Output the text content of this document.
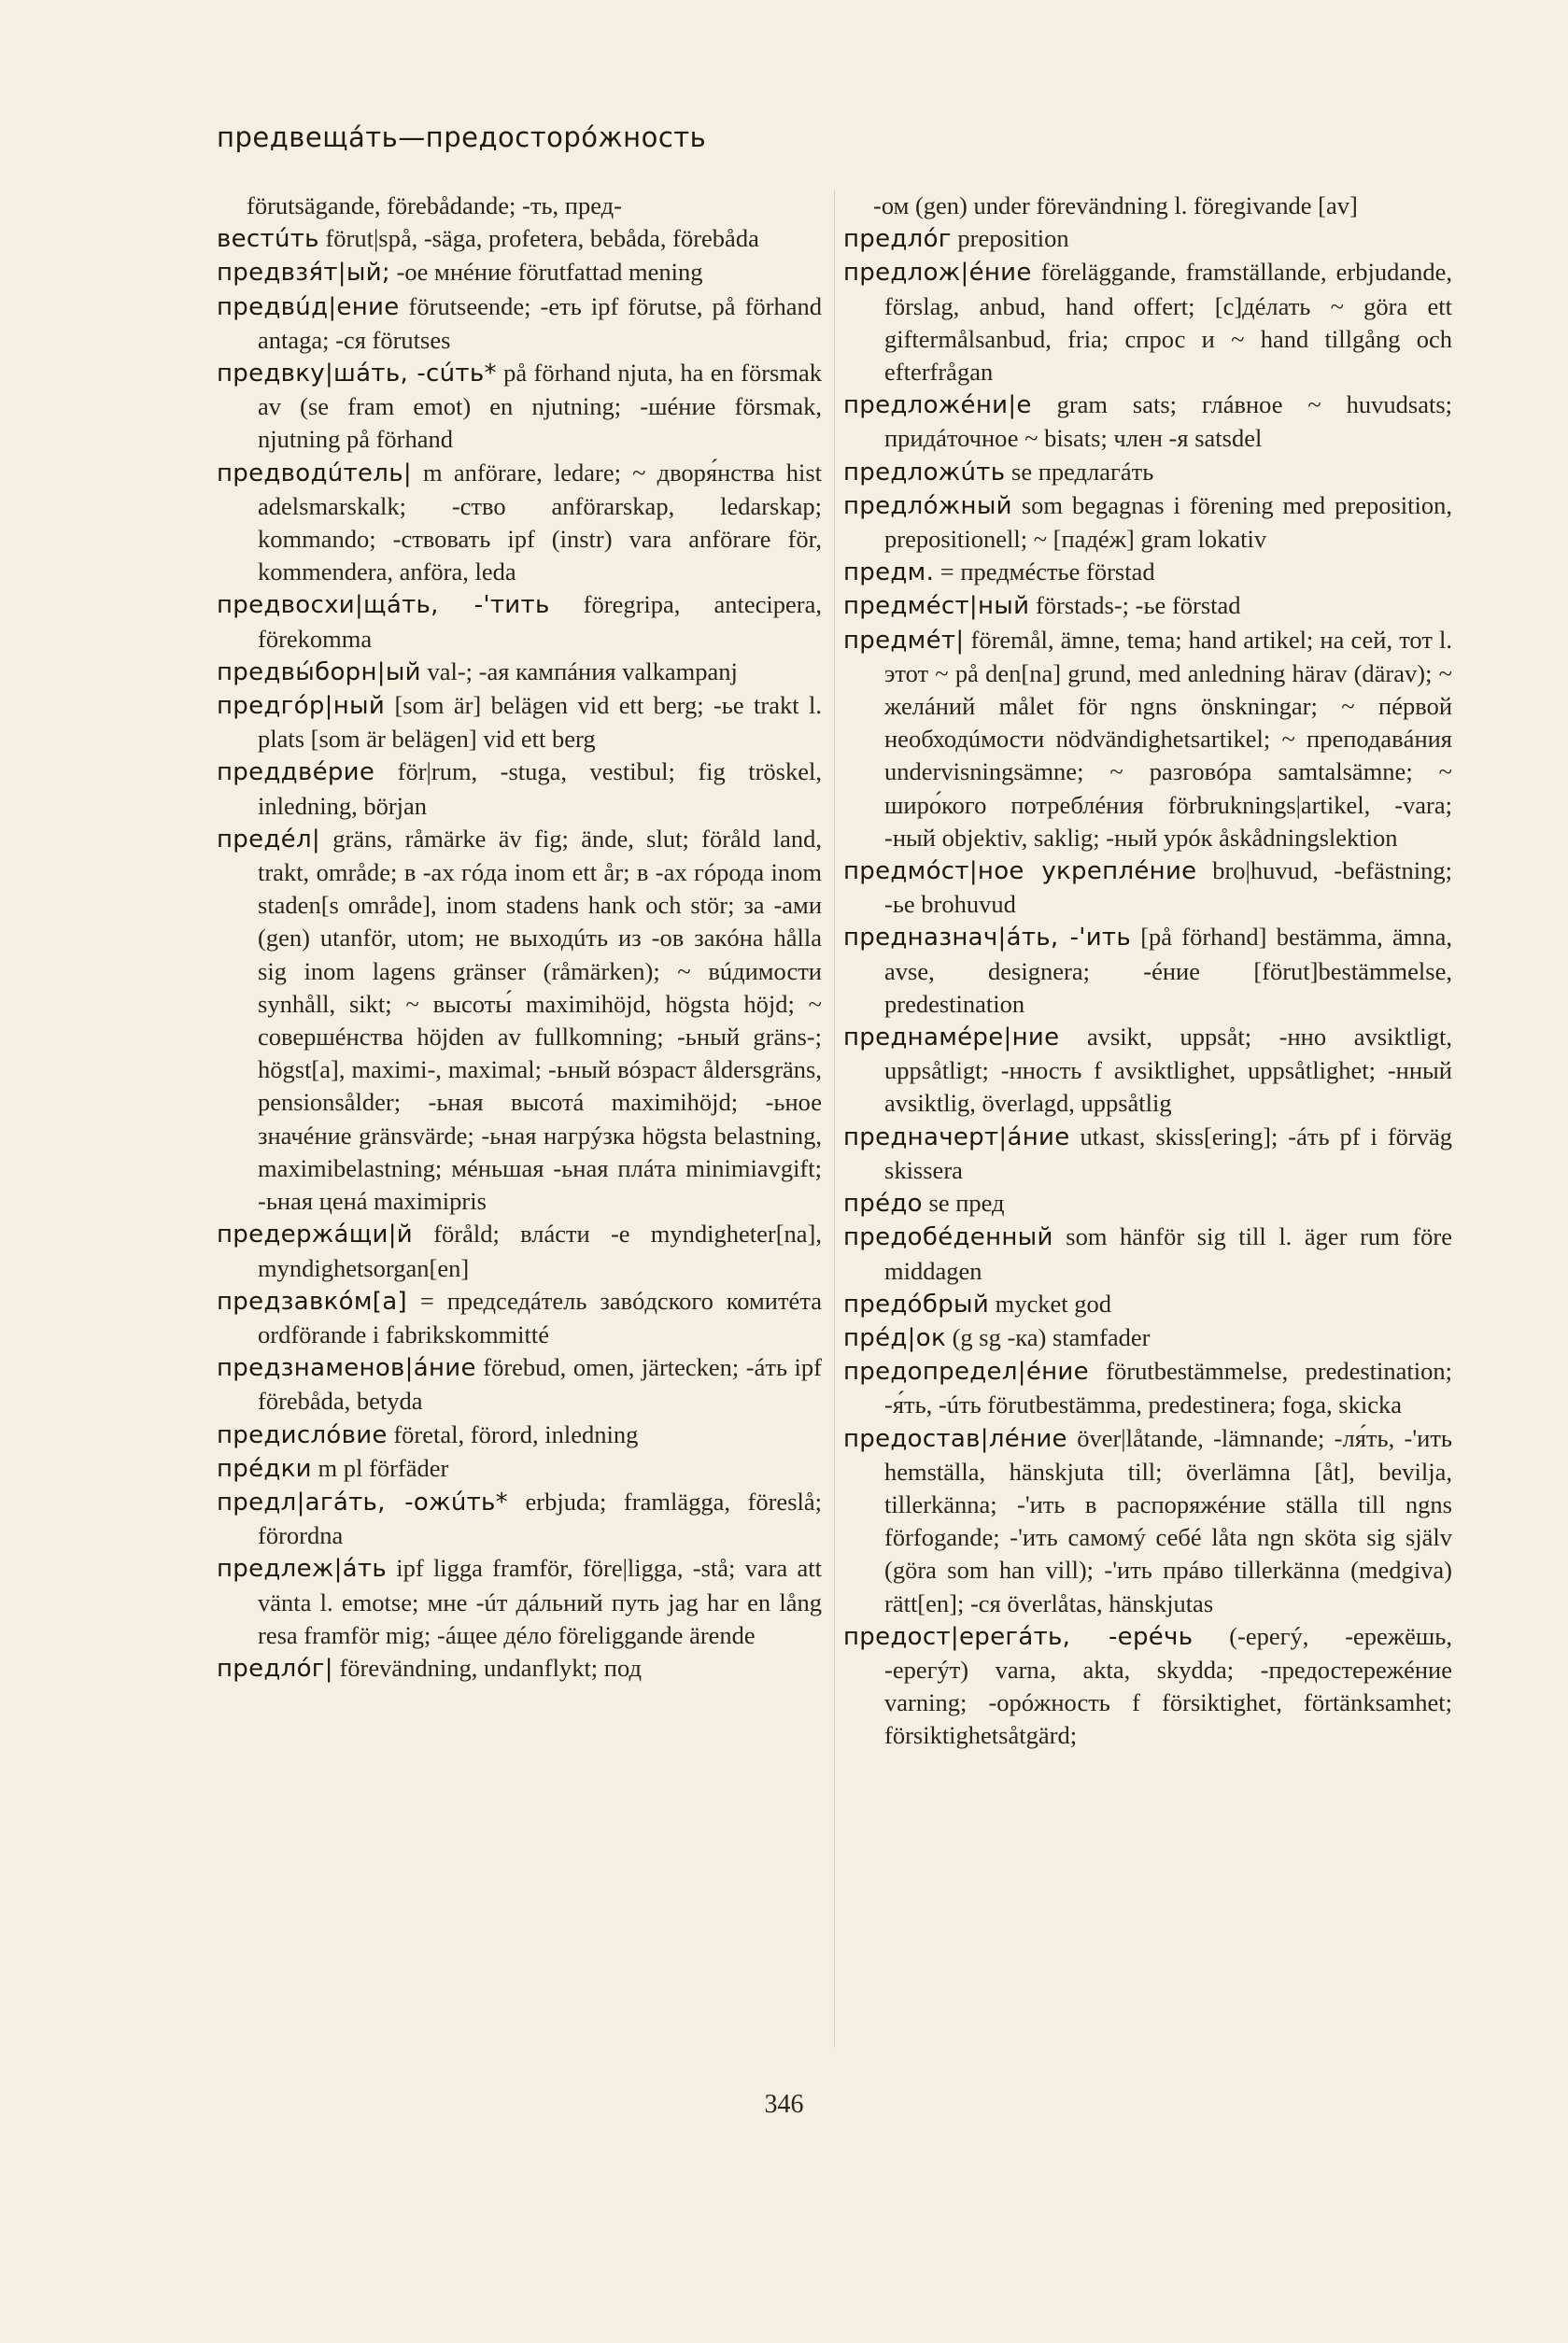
предвещáть—предосторóжность
förutsägande, förebådande; -ть, пред-
вестúть förut|spå, -säga, profetera, bebåda, förebåda
предвзя́т|ый; -oe мнéние förutfattad mening
предвúд|ение förutseende; -еть ipf förutse, på förhand antaga; -ся förutses
предвку|шáть, -сúть* på förhand njuta, ha en försmak av (se fram emot) en njutning; -шéние försmak, njutning på förhand
предводúтель| m anförare, ledare; ~ дворя́нства hist adelsmarskalk; -ство anförarskap, ledarskap; kommando; -ствовать ipf (instr) vara anförare för, kommendera, anföra, leda
предвосхи|щáть, -'тить föregripa, antecipera, förekomma
предвы́борн|ый val-; -ая кампáния valkampanj
предгóр|ный [som är] belägen vid ett berg; -ье trakt l. plats [som är belägen] vid ett berg
преддвéрие för|rum, -stuga, vestibul; fig tröskel, inledning, början
предéл| gräns, råmärke äv fig; ände, slut; föråld land, trakt, område; в -ах гóда inom ett år; в -ах гóрода inom staden[s område], inom stadens hank och stör; за -ами (gen) utanför, utom; не выходúть из -ов закóна hålla sig inom lagens gränser (råmärken); ~ вúдимости synhåll, sikt; ~ высоты́ maximihöjd, högsta höjd; ~ совершéнства höjden av fullkomning; -ьный gräns-; högst[a], maximi-, maximal; -ьный вóзраст åldersgräns, pensionsålder; -ьная высотá maximihöjd; -ьное значéние gränsvärde; -ьная нагрýзка högsta belastning, maximibelastning; мéньшая -ьная плáта minimiavgift; -ьная ценá maximipris
предержáщи|й föråld; влáсти -е myndigheter[na], myndighetsorgan[en]
предзавкóм[а] = председáтель завóдского комитéта ordförande i fabrikskommitté
предзнаменов|áние förebud, omen, järtecken; -áть ipf förebåda, betyda
предисло́вие företal, förord, inledning
пре́дки m pl förfäder
предл|агáть, -ожúть* erbjuda; framlägga, föreslå; förordna
предлеж|áть ipf ligga framför, före|ligga, -stå; vara att vänta l. emotse; мне -úт дáльний путь jag har en lång resa framför mig; -áщее дéло föreliggande ärende
предлóг| förevändning, undanflykt; под
-ом (gen) under förevändning l. föregivande [av]
предлóг preposition
предлож|éние föreläggande, framställande, erbjudande, förslag, anbud, hand offert; [с]дéлать ~ göra ett giftermålsanbud, fria; спрос и ~ hand tillgång och efterfrågan
предложéни|е gram sats; глáвное ~ huvudsats; придáточное ~ bisats; член -я satsdel
предложúть se предлагáть
предлóжный som begagnas i förening med preposition, prepositionell; ~ [падéж] gram lokativ
предм. = предмéстье förstad
предмéст|ный förstads-; -ье förstad
предмéт| föremål, ämne, tema; hand artikel; на сей, тот l. этот ~ på den[na] grund, med anledning härav (därav); ~ желáний målet för ngns önskningar; ~ пéрвой необходúмости nödvändighetsartikel; ~ преподавáния undervisningsämne; ~ разговóра samtalsämne; ~ широ́кого потреблéния förbruknings|artikel, -vara; -ный objektiv, saklig; -ный урóк åskådningslektion
предмóст|ное укреплéние bro|huvud, -befästning; -ье brohuvud
предназнач|áть, -'ить [på förhand] bestämma, ämna, avse, designera; -éние [förut]bestämmelse, predestination
преднамéре|ние avsikt, uppsåt; -нно avsiktligt, uppsåtligt; -нность f avsiktlighet, uppsåtlighet; -нный avsiktlig, överlagd, uppsåtlig
предначерт|áние utkast, skiss[ering]; -áть pf i förväg skissera
прéдо se пред
предобéденный som hänför sig till l. äger rum före middagen
предóбрый mycket god
прéд|ок (g sg -ка) stamfader
предопредел|éние förutbestämmelse, predestination; -я́ть, -úть förutbestämma, predestinera; foga, skicka
предостав|лéние över|låtande, -lämnande; -ля́ть, -'ить hemställa, hänskjuta till; överlämna [åt], bevilja, tillerkänna; -'ить в распоряжéние ställa till ngns förfogande; -'ить самомý себé låta ngn sköta sig själv (göra som han vill); -'ить прáво tillerkänna (medgiva) rätt[en]; -ся överlåtas, hänskjutas
предост|ерегáть, -ерéчь (-ерегý, -ережёшь, -ерегýт) varna, akta, skydda; -предостережéние varning; -орóжность f försiktighet, förtänksamhet; försiktighetsåtgärd;
346
